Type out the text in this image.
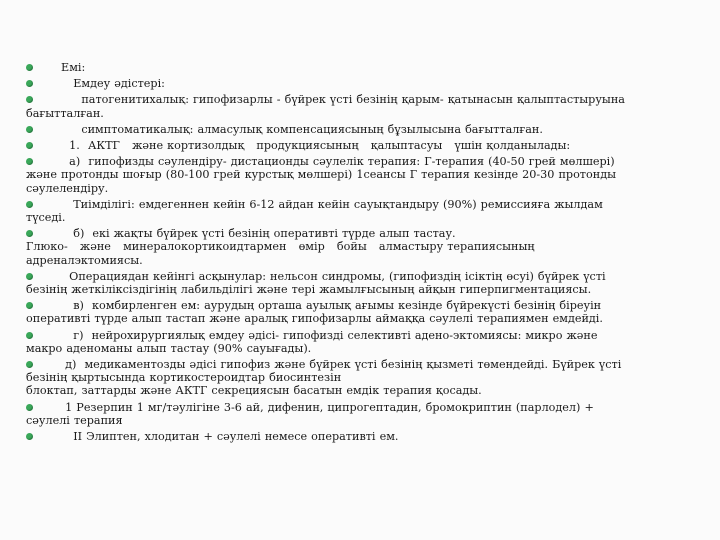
Емі:

Емдеу әдістері:

патогенитихалық: гипофизарлы - бүйрек үсті безінің қарым- қатынасын қалыптастыруына

бағытталған.

симптоматикалық: алмасулық компенсациясының бұзылысына бағытталған.

1.  АКТГ   және кортизолдық   продукциясының   қалыптасуы   үшін қолданылады:

а)  гипофизды сәулендіру- дистационды сәулелік терапия: Г-терапия (40-50 грей мөлшері)

және протонды шоғыр (80-100 грей курстық мөлшері) 1сеансы Г терапия кезінде 20-30 протонды

сәулелендіру.

Тиімділігі: емдегеннен кейін 6-12 айдан кейін сауықтандыру (90%) ремиссияға жылдам

түседі.

б)  екі жақты бүйрек үсті безінің оперативті түрде алып тастау.

Глюко-   және   минералокортикоидтармен   өмір   бойы   алмастыру терапиясының

адреналэктомиясы.

Операциядан кейінгі асқынулар: нельсон синдромы, (гипофиздің ісіктің өсуі) бүйрек үсті

безінің жеткіліксіздігінің лабильділігі және тері жамылғысының айқын гиперпигментациясы.

в)  комбирленген ем: аурудың орташа ауылық ағымы кезінде бүйрекүсті безінің біреуін

оперативті түрде алып тастап және аралық гипофизарлы аймаққа сәулелі терапиямен емдейді.

г)  нейрохирургиялық емдеу әдісі- гипофизді селективті адено-эктомиясы: микро және

макро аденоманы алып тастау (90% сауығады).

д)  медикаментозды әдісі гипофиз және бүйрек үсті безінің қызметі төмендейді. Бүйрек үсті

безінің қыртысында кортикостероидтар биосинтезін

блоктап, заттарды және АКТГ секрециясын басатын емдік терапия қосады.

1 Резерпин 1 мг/тәулігіне 3-6 ай, дифенин, ципрогептадин, бромокриптин (парлодел) +

сәулелі терапия

II Элиптен, хлодитан + сәулелі немесе оперативті ем.
